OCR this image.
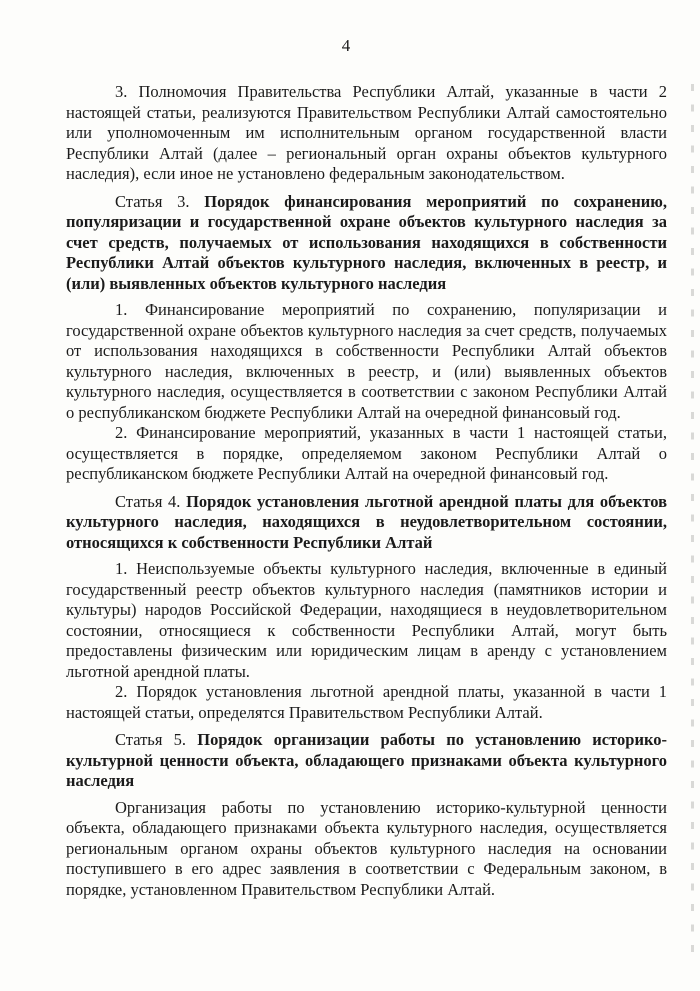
4

3. Полномочия Правительства Республики Алтай, указанные в части 2 настоящей статьи, реализуются Правительством Республики Алтай самостоятельно или уполномоченным им исполнительным органом государственной власти Республики Алтай (далее – региональный орган охраны объектов культурного наследия), если иное не установлено федеральным законодательством.

Статья 3. Порядок финансирования мероприятий по сохранению, популяризации и государственной охране объектов культурного наследия за счет средств, получаемых от использования находящихся в собственности Республики Алтай объектов культурного наследия, включенных в реестр, и (или) выявленных объектов культурного наследия

1. Финансирование мероприятий по сохранению, популяризации и государственной охране объектов культурного наследия за счет средств, получаемых от использования находящихся в собственности Республики Алтай объектов культурного наследия, включенных в реестр, и (или) выявленных объектов культурного наследия, осуществляется в соответствии с законом Республики Алтай о республиканском бюджете Республики Алтай на очередной финансовый год.

2. Финансирование мероприятий, указанных в части 1 настоящей статьи, осуществляется в порядке, определяемом законом Республики Алтай о республиканском бюджете Республики Алтай на очередной финансовый год.

Статья 4. Порядок установления льготной арендной платы для объектов культурного наследия, находящихся в неудовлетворительном состоянии, относящихся к собственности Республики Алтай

1. Неиспользуемые объекты культурного наследия, включенные в единый государственный реестр объектов культурного наследия (памятников истории и культуры) народов Российской Федерации, находящиеся в неудовлетворительном состоянии, относящиеся к собственности Республики Алтай, могут быть предоставлены физическим или юридическим лицам в аренду с установлением льготной арендной платы.

2. Порядок установления льготной арендной платы, указанной в части 1 настоящей статьи, определятся Правительством Республики Алтай.

Статья 5. Порядок организации работы по установлению историко-культурной ценности объекта, обладающего признаками объекта культурного наследия

Организация работы по установлению историко-культурной ценности объекта, обладающего признаками объекта культурного наследия, осуществляется региональным органом охраны объектов культурного наследия на основании поступившего в его адрес заявления в соответствии с Федеральным законом, в порядке, установленном Правительством Республики Алтай.
